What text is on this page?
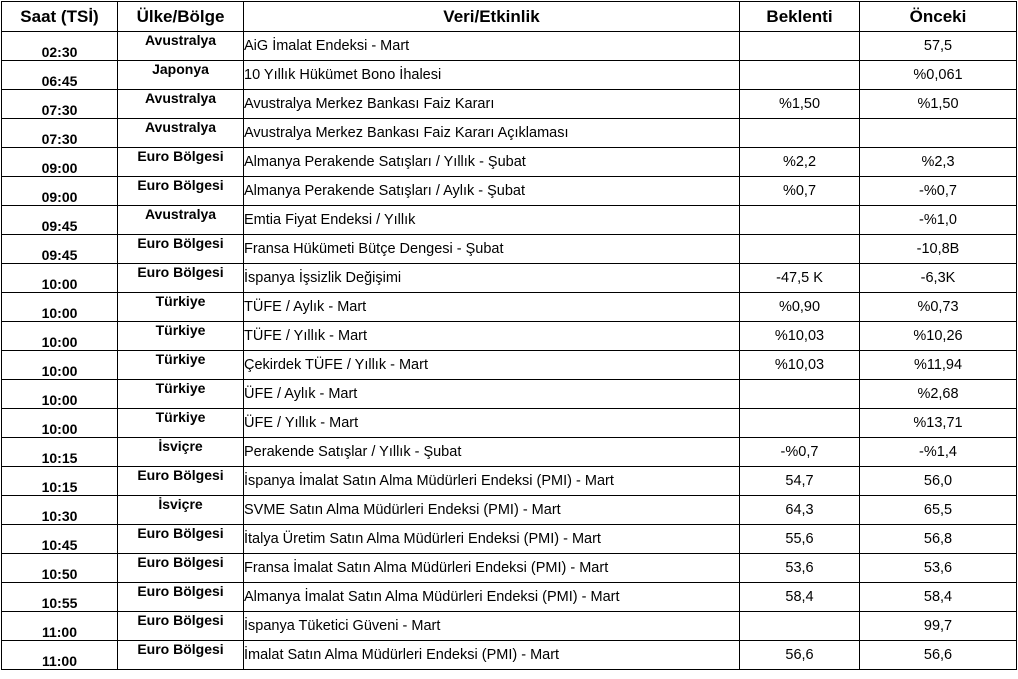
Saat (TSİ)	Ülke/Bölge	Veri/Etkinlik	Beklenti	Önceki
02:30	Avustralya	AiG İmalat Endeksi - Mart		57,5
06:45	Japonya	10 Yıllık Hükümet Bono İhalesi		%0,061
07:30	Avustralya	Avustralya Merkez Bankası Faiz Kararı	%1,50	%1,50
07:30	Avustralya	Avustralya Merkez Bankası Faiz Kararı Açıklaması		
09:00	Euro Bölgesi	Almanya Perakende Satışları / Yıllık - Şubat	%2,2	%2,3
09:00	Euro Bölgesi	Almanya Perakende Satışları / Aylık - Şubat	%0,7	-%0,7
09:45	Avustralya	Emtia Fiyat Endeksi / Yıllık		-%1,0
09:45	Euro Bölgesi	Fransa Hükümeti Bütçe Dengesi - Şubat		-10,8B
10:00	Euro Bölgesi	İspanya İşsizlik Değişimi	-47,5 K	-6,3K
10:00	Türkiye	TÜFE / Aylık - Mart	%0,90	%0,73
10:00	Türkiye	TÜFE / Yıllık - Mart	%10,03	%10,26
10:00	Türkiye	Çekirdek TÜFE / Yıllık - Mart	%10,03	%11,94
10:00	Türkiye	ÜFE / Aylık - Mart		%2,68
10:00	Türkiye	ÜFE / Yıllık - Mart		%13,71
10:15	İsviçre	Perakende Satışlar / Yıllık - Şubat	-%0,7	-%1,4
10:15	Euro Bölgesi	İspanya İmalat Satın Alma Müdürleri Endeksi (PMI) - Mart	54,7	56,0
10:30	İsviçre	SVME Satın Alma Müdürleri Endeksi (PMI) - Mart	64,3	65,5
10:45	Euro Bölgesi	İtalya Üretim Satın Alma Müdürleri Endeksi (PMI) - Mart	55,6	56,8
10:50	Euro Bölgesi	Fransa İmalat Satın Alma Müdürleri Endeksi (PMI) - Mart	53,6	53,6
10:55	Euro Bölgesi	Almanya İmalat Satın Alma Müdürleri Endeksi (PMI) - Mart	58,4	58,4
11:00	Euro Bölgesi	İspanya Tüketici Güveni - Mart		99,7
11:00	Euro Bölgesi	İmalat Satın Alma Müdürleri Endeksi (PMI) - Mart	56,6	56,6
